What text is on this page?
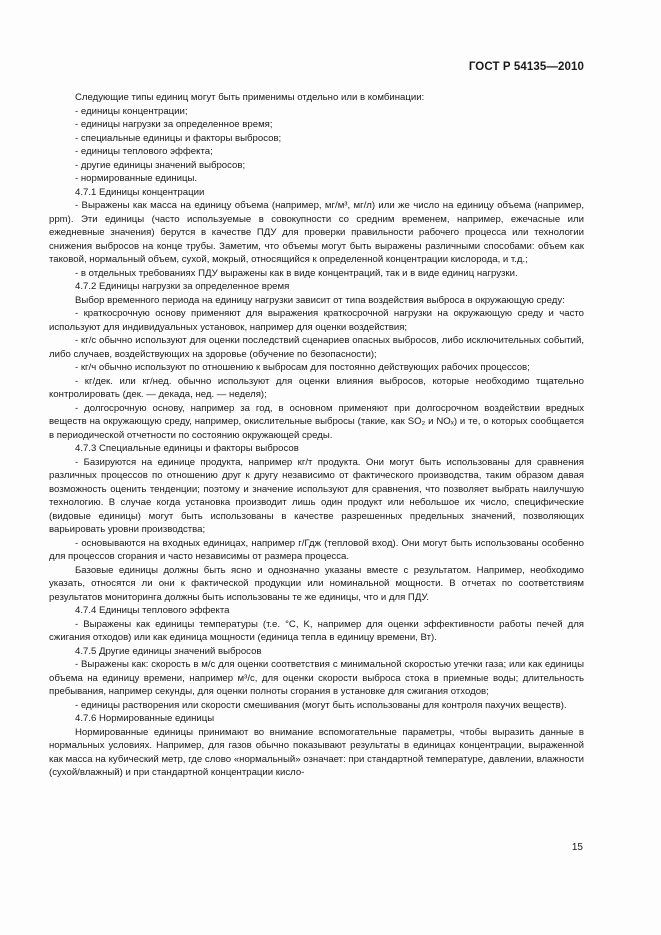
ГОСТ Р 54135—2010

Следующие типы единиц могут быть применимы отдельно или в комбинации:

- единицы концентрации;

- единицы нагрузки за определенное время;

- специальные единицы и факторы выбросов;

- единицы теплового эффекта;

- другие единицы значений выбросов;

- нормированные единицы.

4.7.1 Единицы концентрации

- Выражены как масса на единицу объема (например, мг/м³, мг/л) или же число на единицу объема (например, ppm). Эти единицы (часто используемые в совокупности со средним временем, например, ежечасные или ежедневные значения) берутся в качестве ПДУ для проверки правильности рабочего процесса или технологии снижения выбросов на конце трубы. Заметим, что объемы могут быть выражены различными способами: объем как таковой, нормальный объем, сухой, мокрый, относящийся к определенной концентрации кислорода, и т.д.;

- в отдельных требованиях ПДУ выражены как в виде концентраций, так и в виде единиц нагрузки.

4.7.2 Единицы нагрузки за определенное время

Выбор временного периода на единицу нагрузки зависит от типа воздействия выброса в окружающую среду:

- краткосрочную основу применяют для выражения краткосрочной нагрузки на окружающую среду и часто используют для индивидуальных установок, например для оценки воздействия;

- кг/с обычно используют для оценки последствий сценариев опасных выбросов, либо исключительных событий, либо случаев, воздействующих на здоровье (обучение по безопасности);

- кг/ч обычно используют по отношению к выбросам для постоянно действующих рабочих процессов;

- кг/дек. или кг/нед. обычно используют для оценки влияния выбросов, которые необходимо тщательно контролировать (дек. — декада, нед. — неделя);

- долгосрочную основу, например за год, в основном применяют при долгосрочном воздействии вредных веществ на окружающую среду, например, окислительные выбросы (такие, как SO₂ и NOₓ) и те, о которых сообщается в периодической отчетности по состоянию окружающей среды.

4.7.3 Специальные единицы и факторы выбросов

- Базируются на единице продукта, например кг/т продукта. Они могут быть использованы для сравнения различных процессов по отношению друг к другу независимо от фактического производства, таким образом давая возможность оценить тенденции; поэтому и значение используют для сравнения, что позволяет выбрать наилучшую технологию. В случае когда установка производит лишь один продукт или небольшое их число, специфические (видовые единицы) могут быть использованы в качестве разрешенных предельных значений, позволяющих варьировать уровни производства;

- основываются на входных единицах, например г/Гдж (тепловой вход). Они могут быть использованы особенно для процессов сгорания и часто независимы от размера процесса.

Базовые единицы должны быть ясно и однозначно указаны вместе с результатом. Например, необходимо указать, относятся ли они к фактической продукции или номинальной мощности. В отчетах по соответствиям результатов мониторинга должны быть использованы те же единицы, что и для ПДУ.

4.7.4 Единицы теплового эффекта

- Выражены как единицы температуры (т.е. °С, K, например для оценки эффективности работы печей для сжигания отходов) или как единица мощности (единица тепла в единицу времени, Вт).

4.7.5 Другие единицы значений выбросов

- Выражены как: скорость в м/с для оценки соответствия с минимальной скоростью утечки газа; или как единицы объема на единицу времени, например м³/с, для оценки скорости выброса стока в приемные воды; длительность пребывания, например секунды, для оценки полноты сгорания в установке для сжигания отходов;

- единицы растворения или скорости смешивания (могут быть использованы для контроля пахучих веществ).

4.7.6 Нормированные единицы

Нормированные единицы принимают во внимание вспомогательные параметры, чтобы выразить данные в нормальных условиях. Например, для газов обычно показывают результаты в единицах концентрации, выраженной как масса на кубический метр, где слово «нормальный» означает: при стандартной температуре, давлении, влажности (сухой/влажный) и при стандартной концентрации кисло-

15
